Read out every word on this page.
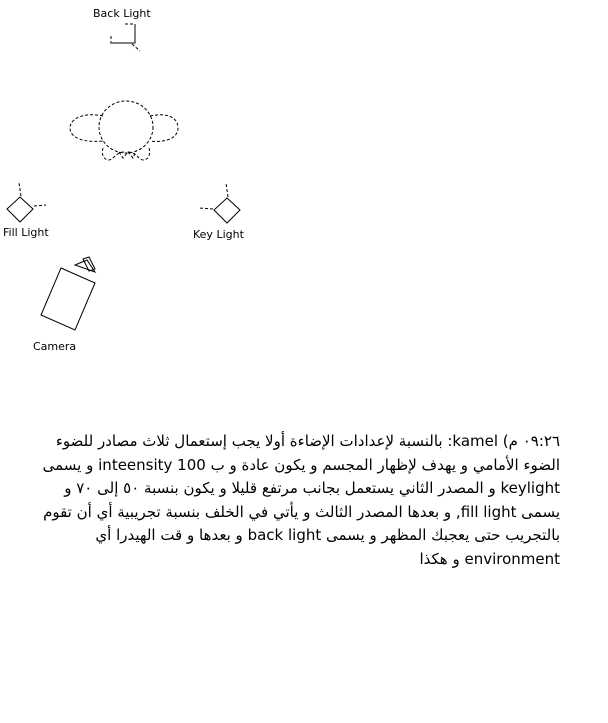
Back Light
Fill Light	Key Light
Camera
٠٩:٢٦ م) kamel: بالنسبة لإعدادات الإضاءة أولا يجب إستعمال ثلاث مصادر للضوء الضوء الأمامي و يهدف لإظهار المجسم و يكون عادة و ب inteensity 100 و يسمى keylight و المصدر الثاني يستعمل بجانب مرتفع قليلا و يكون بنسبة ٥٠ إلى ٧٠ و يسمى fill light, و بعدها المصدر الثالث و يأتي في الخلف بنسبة تجريبية أي أن تقوم بالتجريب حتى يعجبك المظهر و يسمى back light و بعدها و قت الهيدرا أي environment و هكذا
